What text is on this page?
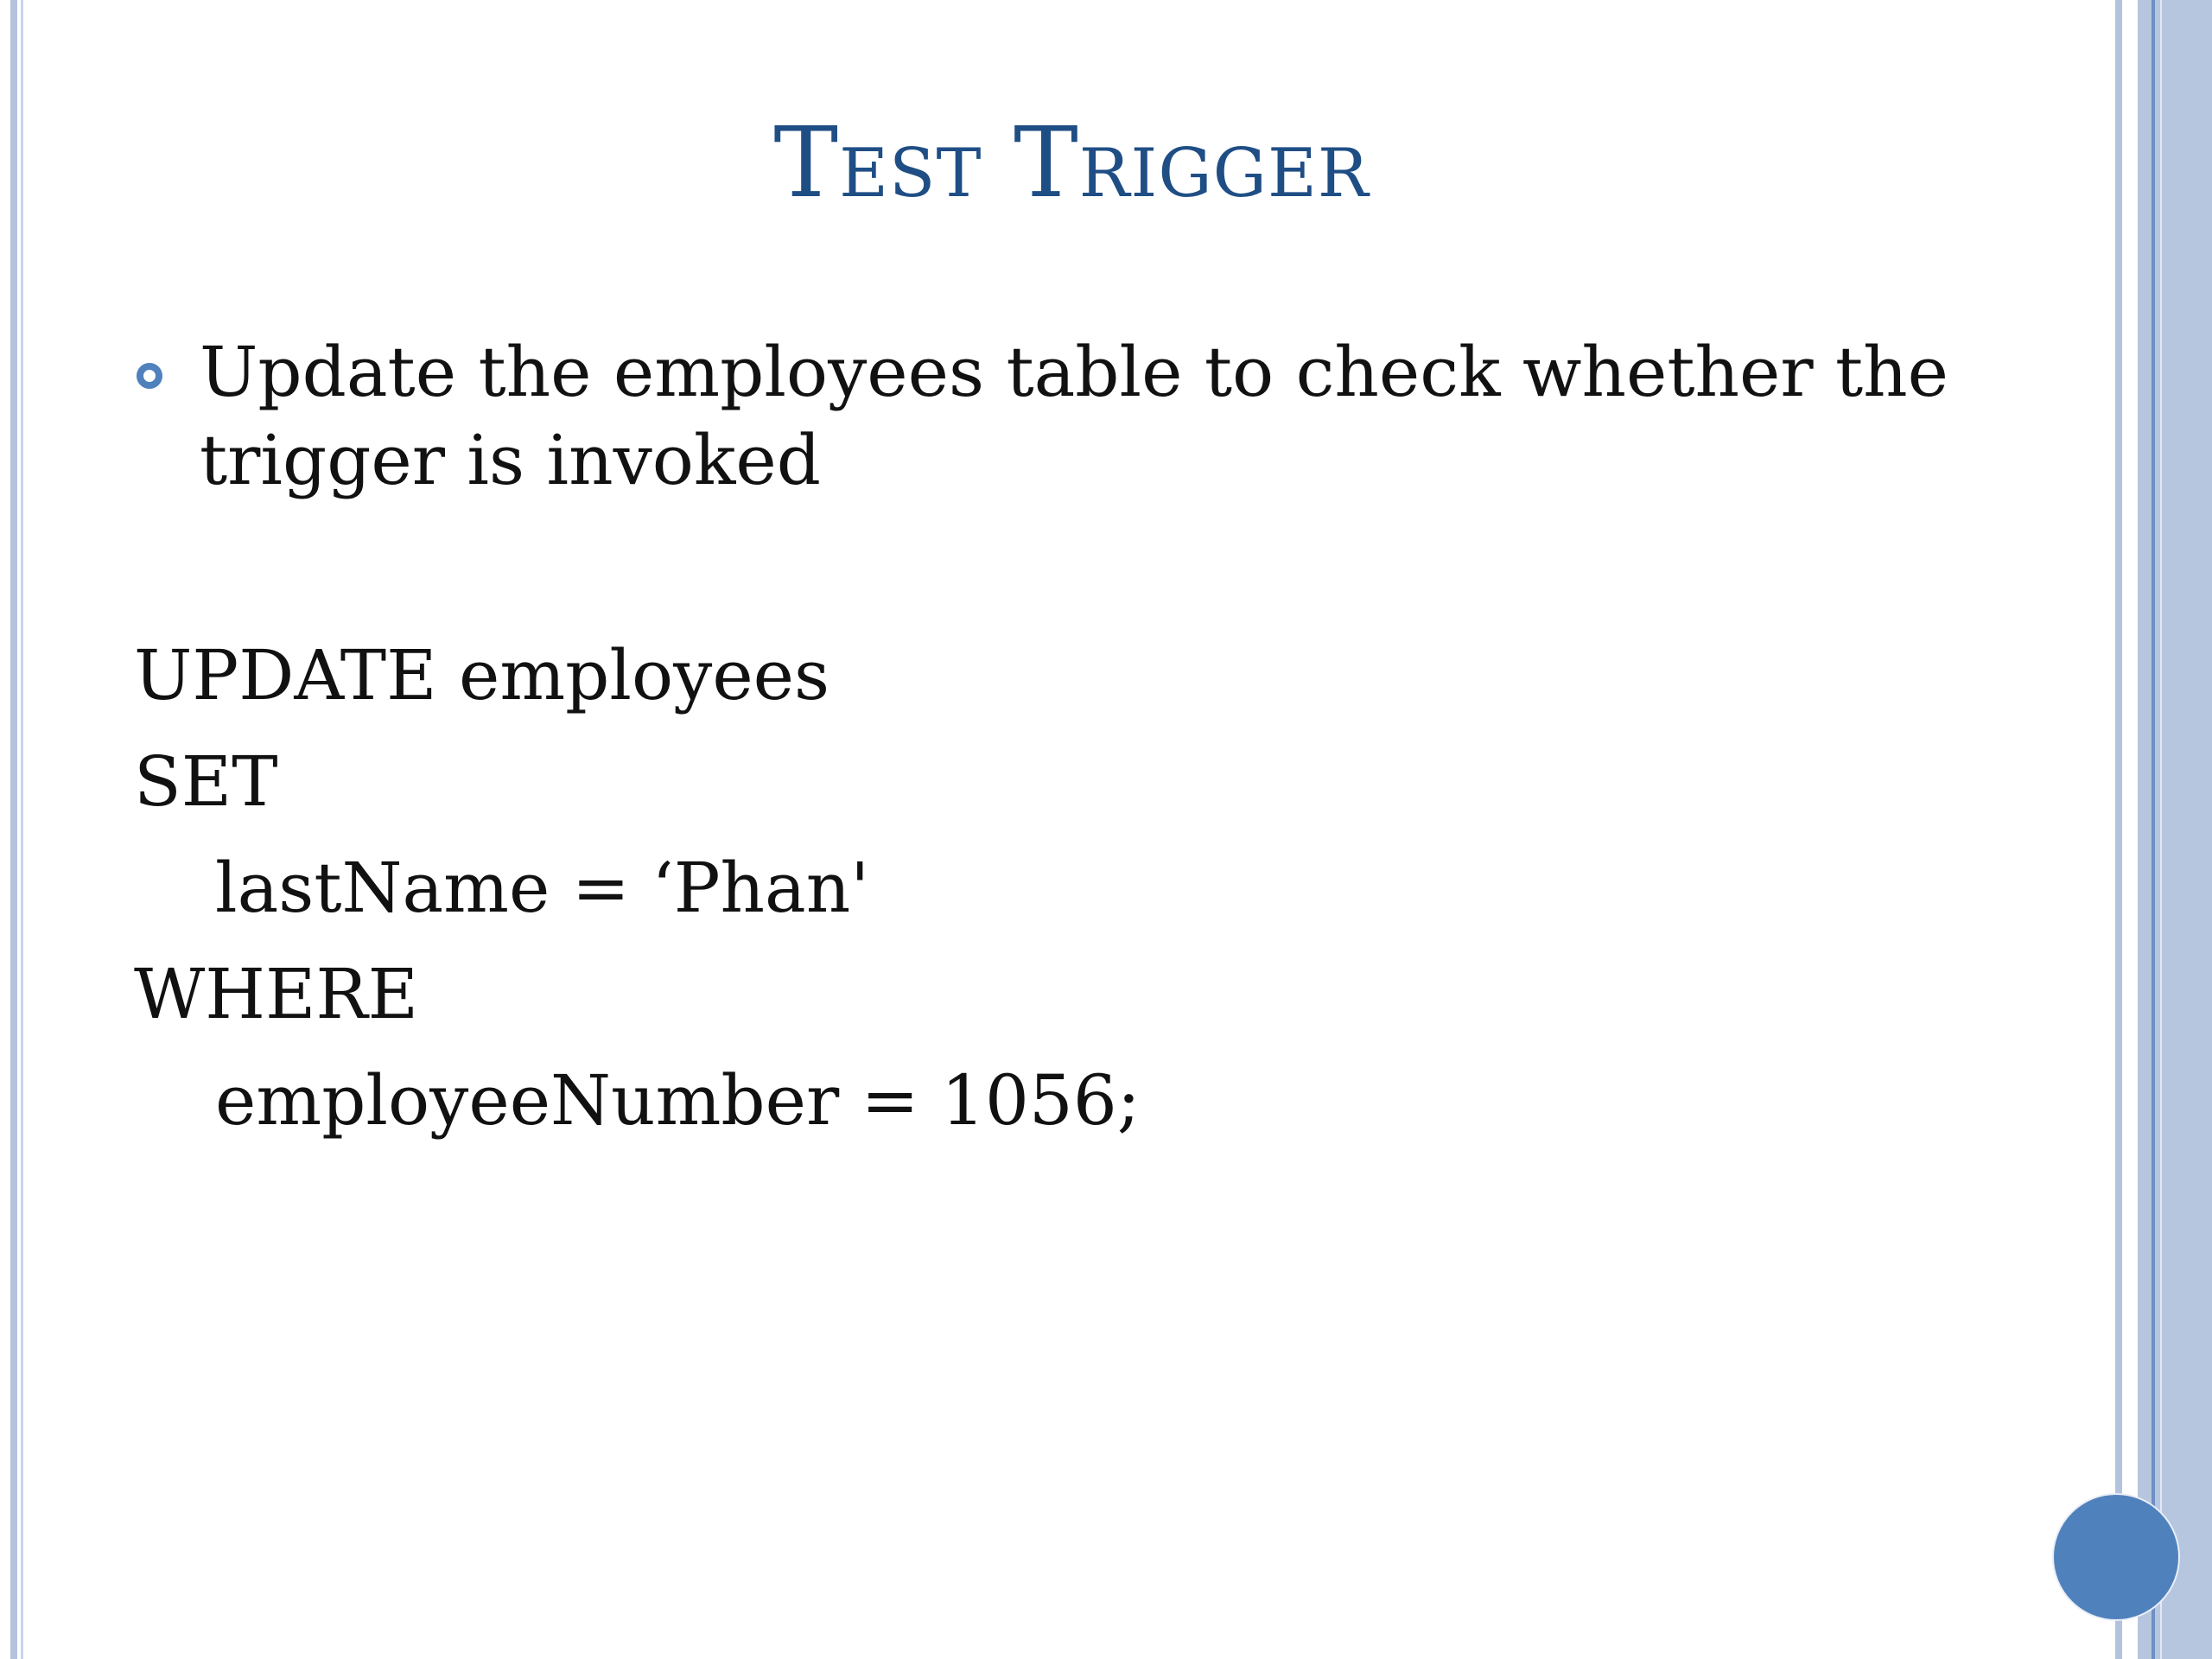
Test Trigger
Update the employees table to check whether the trigger is invoked
UPDATE employees
SET
lastName = ‘Phan'
WHERE
employeeNumber = 1056;
